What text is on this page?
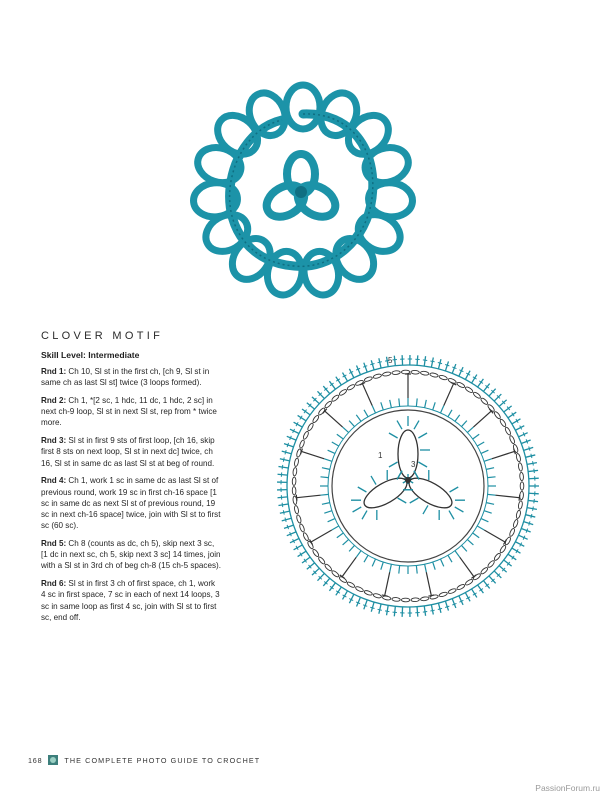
CLOVER MOTIF
Skill Level: Intermediate

Rnd 1: Ch 10, Sl st in the first ch, [ch 9, Sl st in same ch as last Sl st] twice (3 loops formed).

Rnd 2: Ch 1, *[2 sc, 1 hdc, 11 dc, 1 hdc, 2 sc] in next ch-9 loop, Sl st in next Sl st, rep from * twice more.

Rnd 3: Sl st in first 9 sts of first loop, [ch 16, skip first 8 sts on next loop, Sl st in next dc] twice, ch 16, Sl st in same dc as last Sl st at beg of round.

Rnd 4: Ch 1, work 1 sc in same dc as last Sl st of previous round, work 19 sc in first ch-16 space [1 sc in same dc as next Sl st of previous round, 19 sc in next ch-16 space] twice, join with Sl st to first sc (60 sc).

Rnd 5: Ch 8 (counts as dc, ch 5), skip next 3 sc, [1 dc in next sc, ch 5, skip next 3 sc] 14 times, join with a Sl st in 3rd ch of beg ch-8 (15 ch-5 spaces).

Rnd 6: Sl st in first 3 ch of first space, ch 1, work 4 sc in first space, 7 sc in each of next 14 loops, 3 sc in same loop as first 4 sc, join with Sl st to first sc, end off.

5
3
1
168	THE COMPLETE PHOTO GUIDE TO CROCHET
PassionForum.ru
